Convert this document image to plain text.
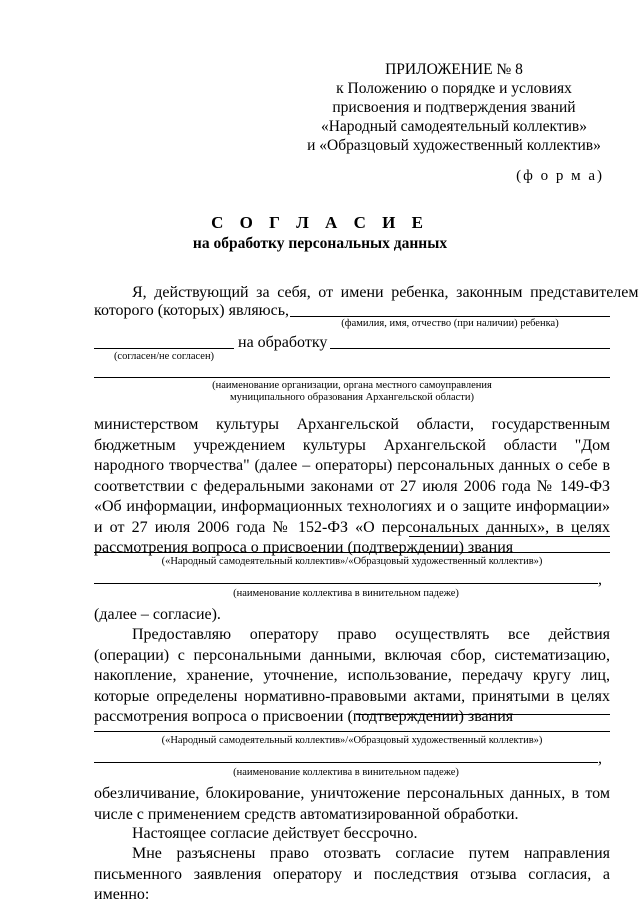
ПРИЛОЖЕНИЕ № 8
к Положению о порядке и условиях
присвоения и подтверждения званий
«Народный самодеятельный коллектив»
и «Образцовый художественный коллектив»
(ф о р м а)
С О Г Л А С И Е
на обработку персональных данных
Я, действующий за себя, от имени ребенка, законным представителем
которого (которых) являюсь,
(фамилия, имя, отчество (при наличии) ребенка)
на обработку
(согласен/не согласен)
(наименование организации, органа местного самоуправления
муниципального образования Архангельской области)
министерством культуры Архангельской области, государственным бюджетным учреждением культуры Архангельской области "Дом народного творчества" (далее – операторы) персональных данных о себе в соответствии с федеральными законами от 27 июля 2006 года № 149-ФЗ «Об информации, информационных технологиях и о защите информации» и от 27 июля 2006 года № 152-ФЗ «О персональных данных», в целях рассмотрения вопроса о присвоении (подтверждении) звания
(«Народный самодеятельный коллектив»/«Образцовый художественный коллектив»)
,
(наименование коллектива в винительном падеже)
(далее – согласие).
Предоставляю оператору право осуществлять все действия (операции) с персональными данными, включая сбор, систематизацию, накопление, хранение, уточнение, использование, передачу кругу лиц, которые определены нормативно-правовыми актами, принятыми в целях рассмотрения вопроса о присвоении (подтверждении) звания
(«Народный самодеятельный коллектив»/«Образцовый художественный коллектив»)
,
(наименование коллектива в винительном падеже)
обезличивание, блокирование, уничтожение персональных данных, в том числе с применением средств автоматизированной обработки.
Настоящее согласие действует бессрочно.
Мне разъяснены право отозвать согласие путем направления письменного заявления оператору и последствия отзыва согласия, а именно:
